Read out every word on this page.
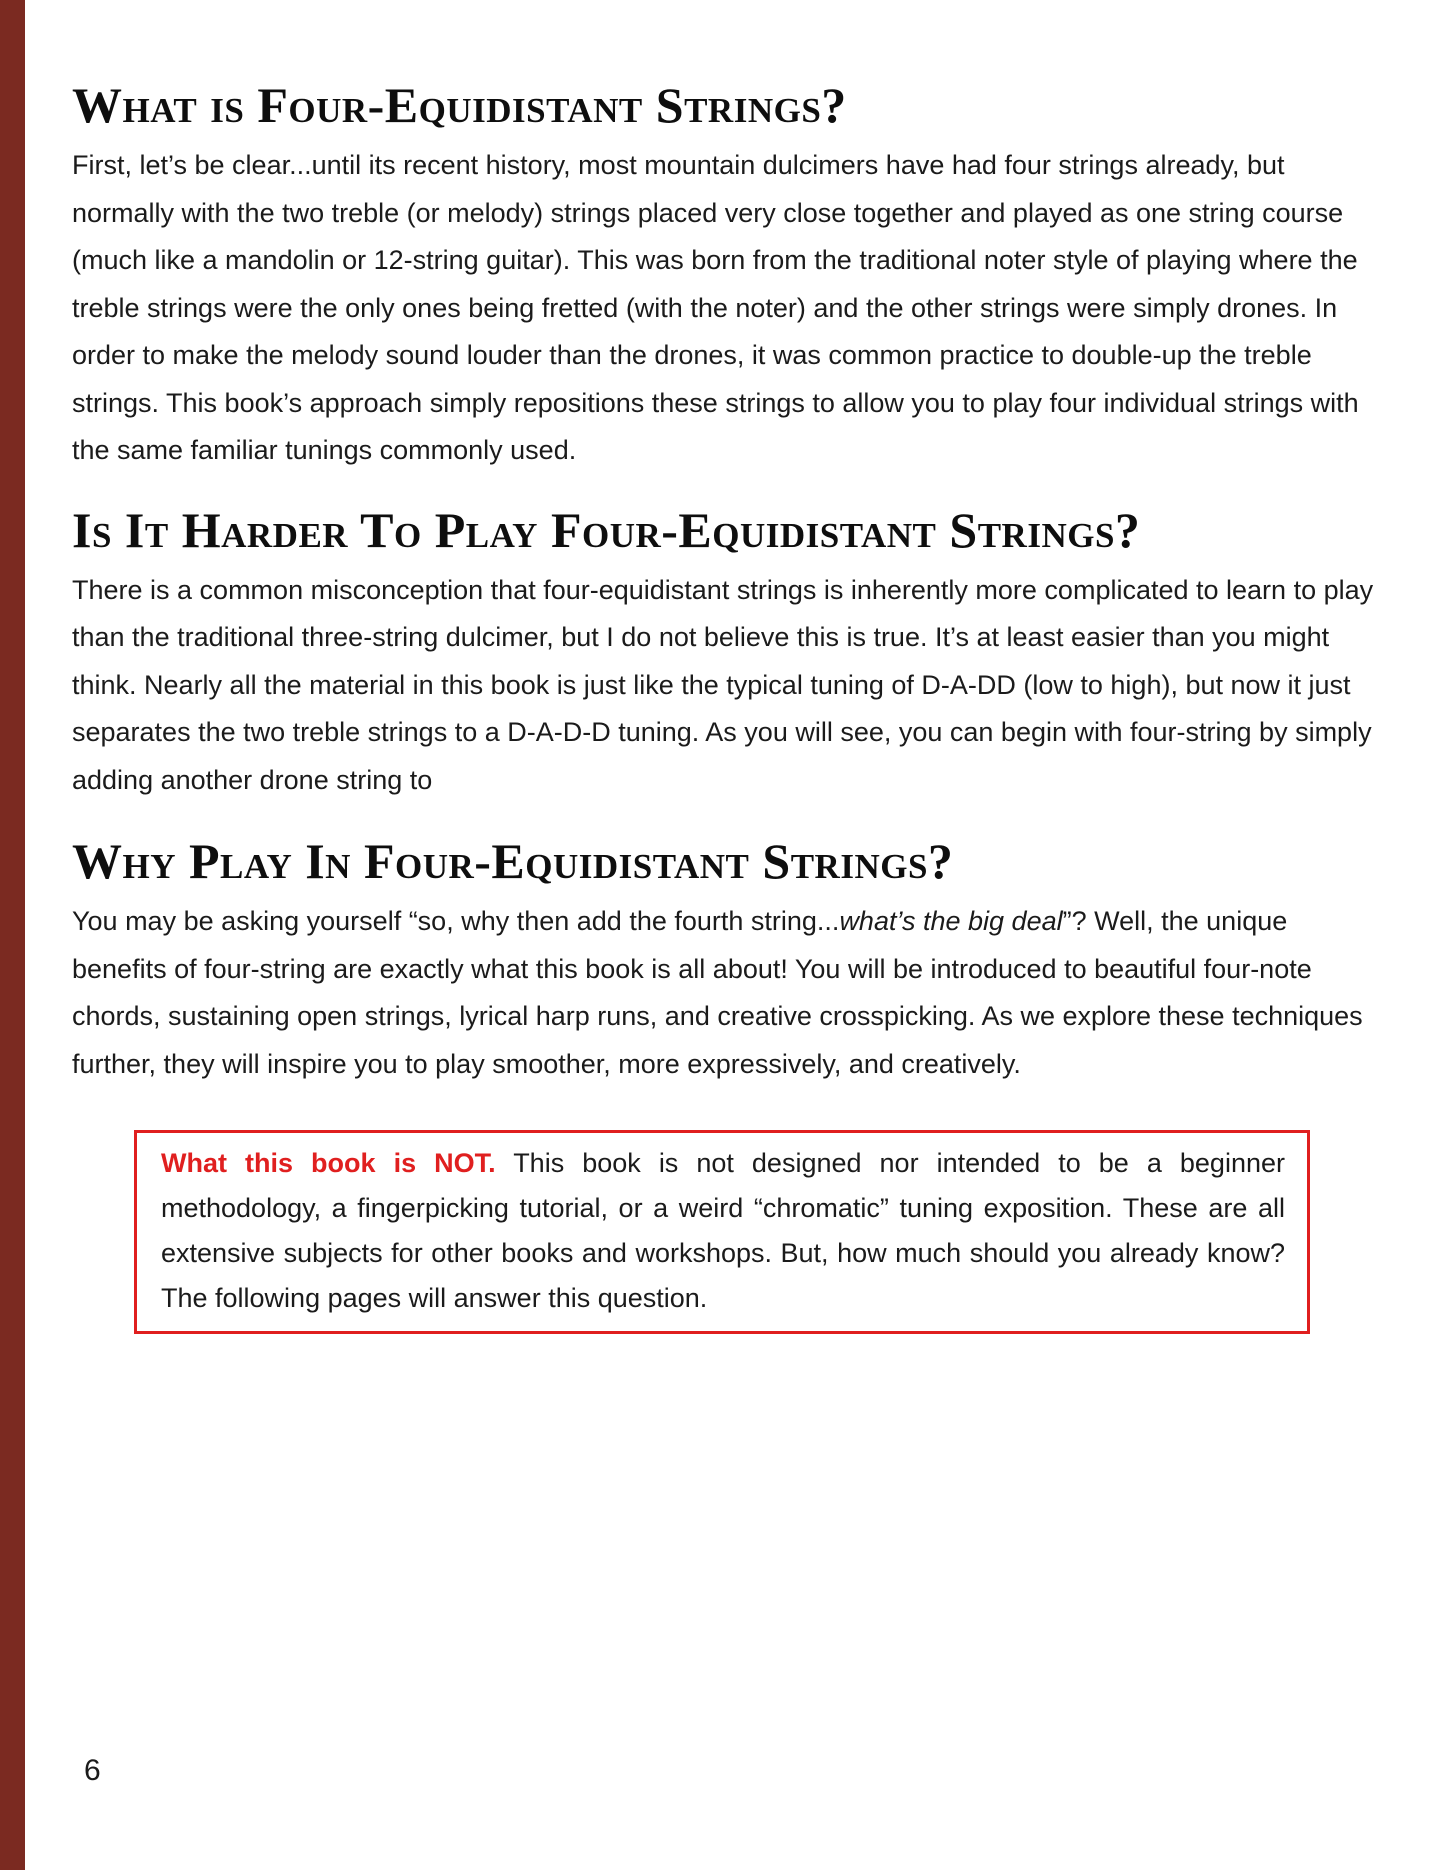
What is Four-Equidistant Strings?

First, let’s be clear...until its recent history, most mountain dulcimers have had four strings already, but normally with the two treble (or melody) strings placed very close together and played as one string course (much like a mandolin or 12-string guitar). This was born from the traditional noter style of playing where the treble strings were the only ones being fretted (with the noter) and the other strings were simply drones. In order to make the melody sound louder than the drones, it was common practice to double-up the treble strings. This book’s approach simply repositions these strings to allow you to play four individual strings with the same familiar tunings commonly used.

Is It Harder To Play Four-Equidistant Strings?

There is a common misconception that four-equidistant strings is inherently more complicated to learn to play than the traditional three-string dulcimer, but I do not believe this is true. It’s at least easier than you might think. Nearly all the material in this book is just like the typical tuning of D-A-DD (low to high), but now it just separates the two treble strings to a D-A-D-D tuning. As you will see, you can begin with four-string by simply adding another drone string to

Why Play In Four-Equidistant Strings?

You may be asking yourself “so, why then add the fourth string...what’s the big deal”? Well, the unique benefits of four-string are exactly what this book is all about! You will be introduced to beautiful four-note chords, sustaining open strings, lyrical harp runs, and creative crosspicking. As we explore these techniques further, they will inspire you to play smoother, more expressively, and creatively.

What this book is NOT. This book is not designed nor intended to be a beginner methodology, a fingerpicking tutorial, or a weird “chromatic” tuning exposition. These are all extensive subjects for other books and workshops. But, how much should you already know? The following pages will answer this question.
6
